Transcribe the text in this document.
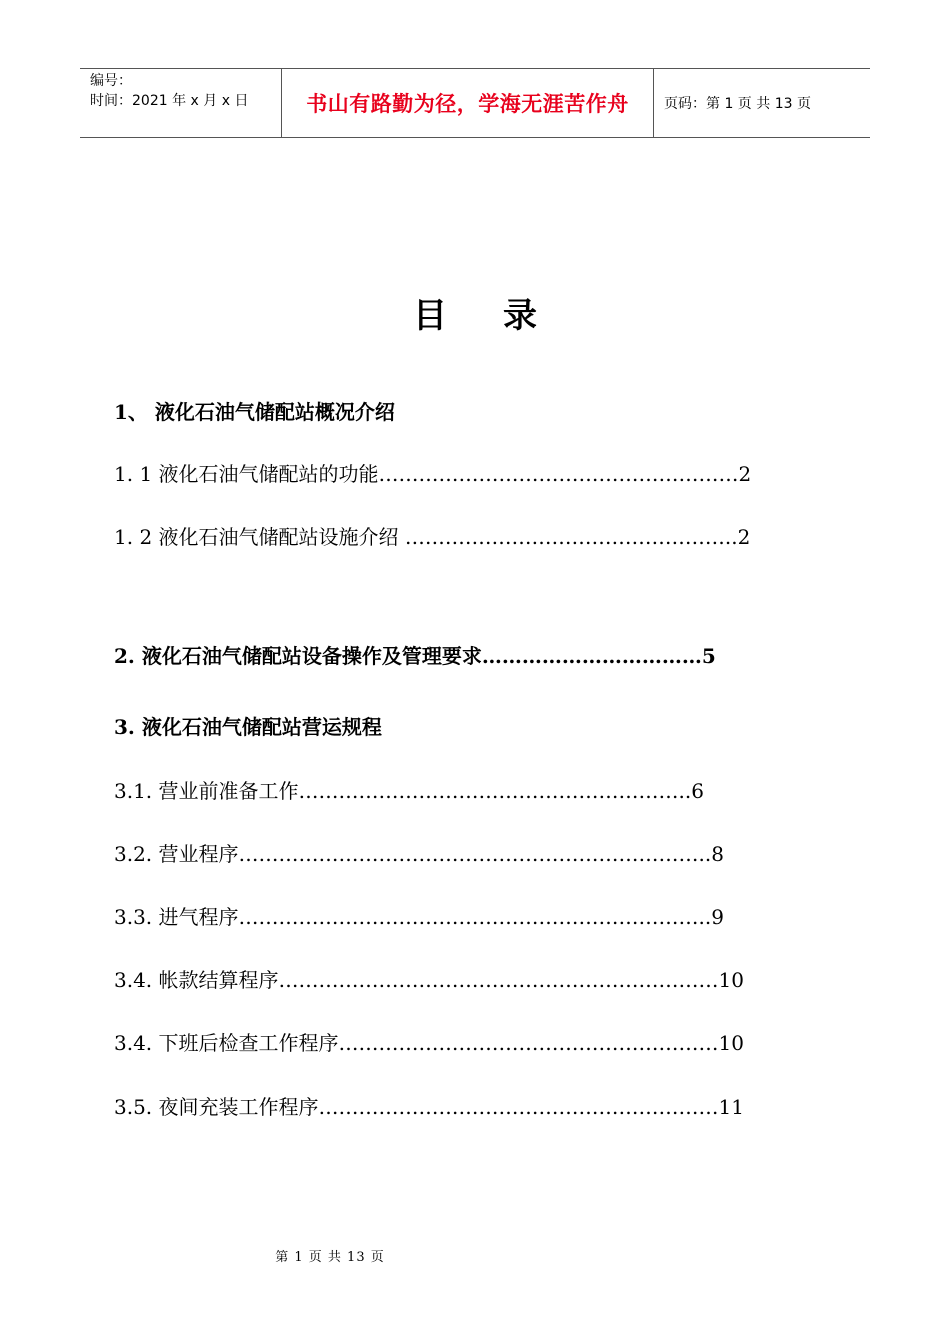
编号：
时间：2021 年 x 月 x 日	书山有路勤为径，学海无涯苦作舟	页码：第 1 页 共 13 页
目录
1、 液化石油气储配站概况介绍
1. 1 液化石油气储配站的功能………………………………………………2
1. 2 液化石油气储配站设施介绍 …………………………………………..2
2. 液化石油气储配站设备操作及管理要求……………………………5
3. 液化石油气储配站营运规程
3.1. 营业前准备工作…………………………………………………..6
3.2. 营业程序……………………………………………………………..8
3.3. 进气程序……………………………………………………………..9
3.4. 帐款结算程序…………………………………………………………10
3.4. 下班后检查工作程序…………………………………………………10
3.5. 夜间充装工作程序……………………………………………………11
第 1 页 共 13 页
